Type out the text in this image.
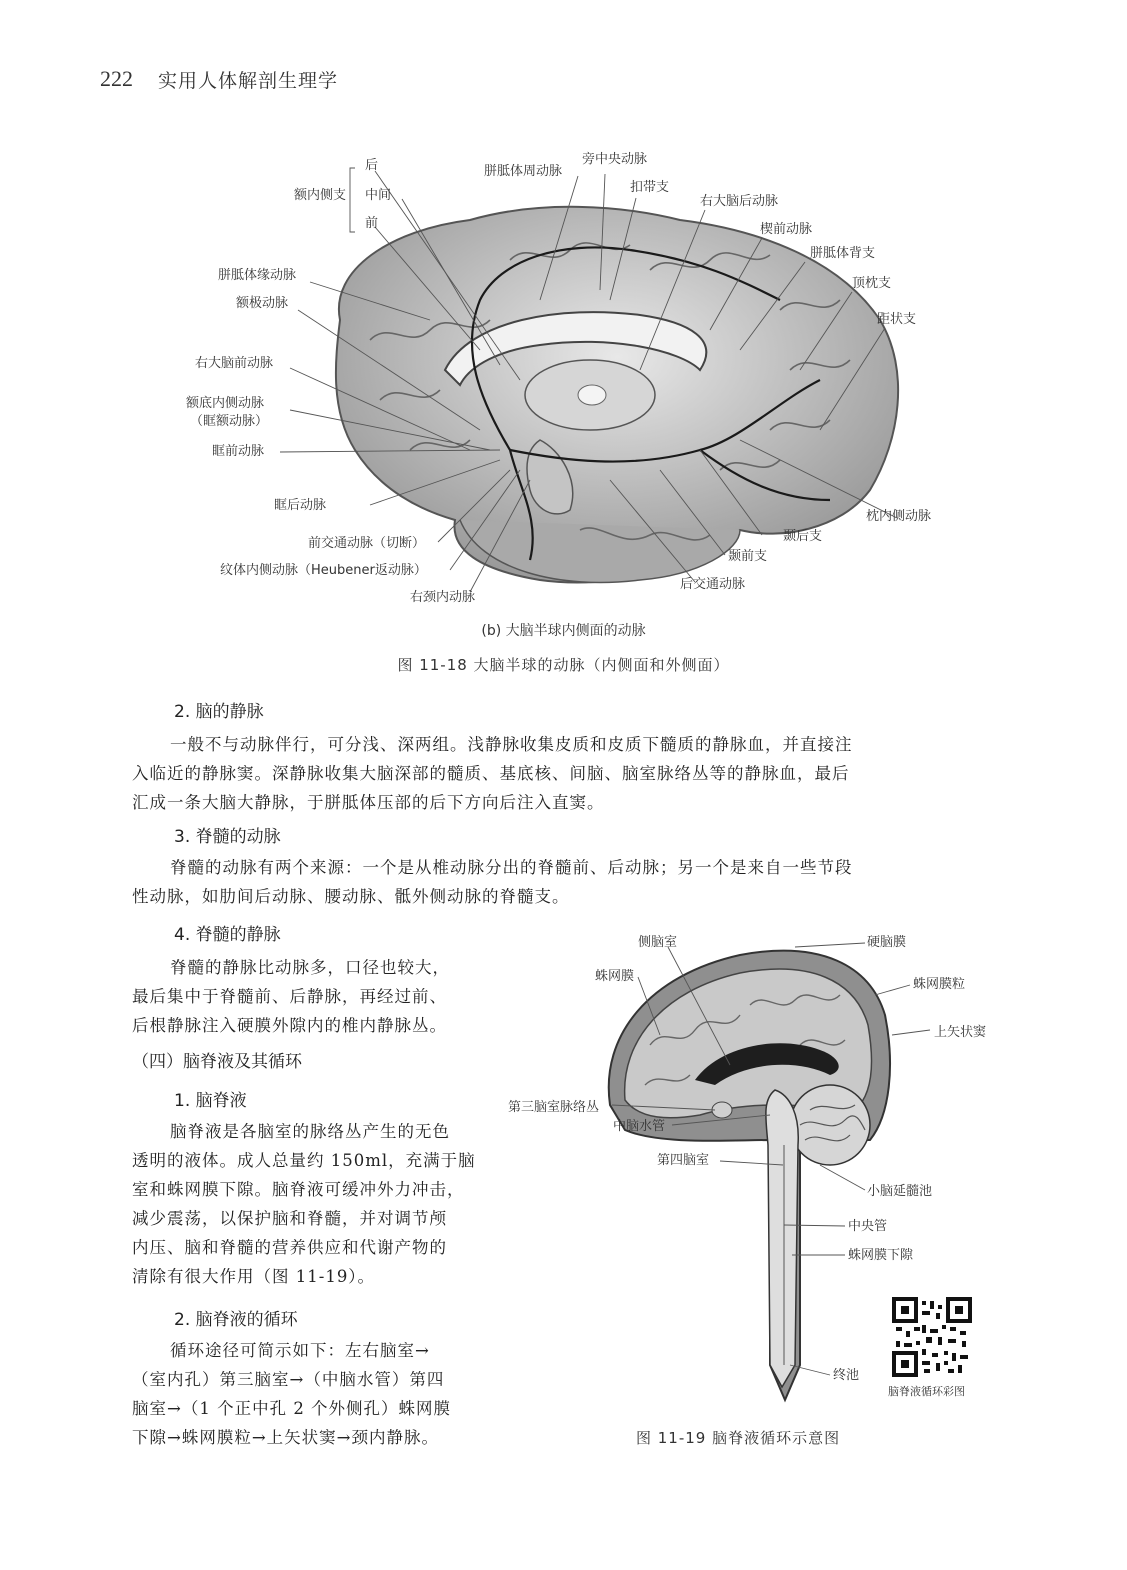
222 实用人体解剖生理学
后
中间
前
额内侧支
胼胝体周动脉
旁中央动脉
扣带支
右大脑后动脉
楔前动脉
胼胝体背支
顶枕支
距状支
胼胝体缘动脉
额极动脉
右大脑前动脉
额底内侧动脉
（眶额动脉）
眶前动脉
眶后动脉
前交通动脉（切断）
纹体内侧动脉（Heubener返动脉）
右颈内动脉
枕内侧动脉
颞后支
颞前支
后交通动脉
(b) 大脑半球内侧面的动脉
图 11-18 大脑半球的动脉（内侧面和外侧面）
2. 脑的静脉
一般不与动脉伴行，可分浅、深两组。浅静脉收集皮质和皮质下髓质的静脉血，并直接注
入临近的静脉窦。深静脉收集大脑深部的髓质、基底核、间脑、脑室脉络丛等的静脉血，最后
汇成一条大脑大静脉，于胼胝体压部的后下方向后注入直窦。
3. 脊髓的动脉
脊髓的动脉有两个来源：一个是从椎动脉分出的脊髓前、后动脉；另一个是来自一些节段
性动脉，如肋间后动脉、腰动脉、骶外侧动脉的脊髓支。
4. 脊髓的静脉
脊髓的静脉比动脉多，口径也较大，
最后集中于脊髓前、后静脉，再经过前、
后根静脉注入硬膜外隙内的椎内静脉丛。
（四）脑脊液及其循环
1. 脑脊液
脑脊液是各脑室的脉络丛产生的无色
透明的液体。成人总量约 150ml，充满于脑
室和蛛网膜下隙。脑脊液可缓冲外力冲击，
减少震荡，以保护脑和脊髓，并对调节颅
内压、脑和脊髓的营养供应和代谢产物的
清除有很大作用（图 11-19）。
2. 脑脊液的循环
循环途径可简示如下：左右脑室→
（室内孔）第三脑室→（中脑水管）第四
脑室→（1 个正中孔 2 个外侧孔）蛛网膜
下隙→蛛网膜粒→上矢状窦→颈内静脉。
侧脑室	硬脑膜
蛛网膜
蛛网膜粒
上矢状窦
第三脑室脉络丛
中脑水管
第四脑室
小脑延髓池
中央管
蛛网膜下隙
终池
脑脊液循环彩图
图 11-19 脑脊液循环示意图
